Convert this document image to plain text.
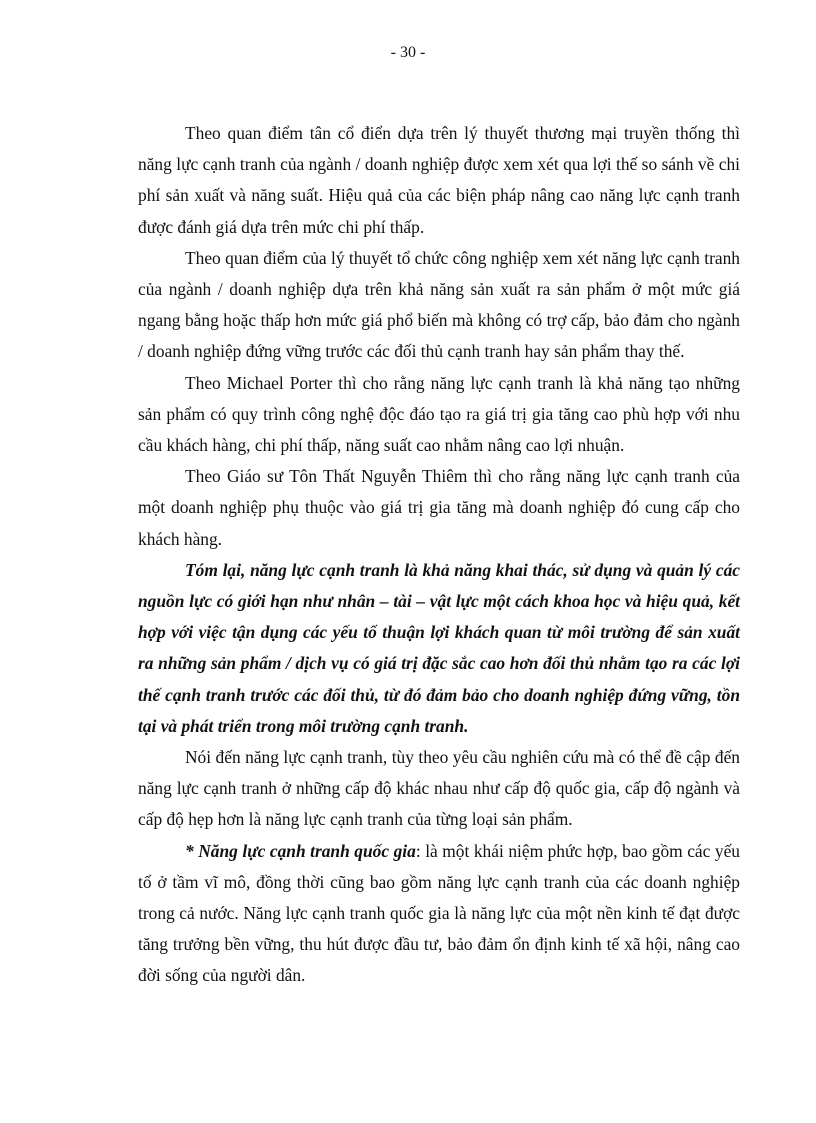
- 30 -

Theo quan điểm tân cổ điển dựa trên lý thuyết thương mại truyền thống thì năng lực cạnh tranh của ngành / doanh nghiệp được xem xét qua lợi thế so sánh về chi phí sản xuất và năng suất. Hiệu quả của các biện pháp nâng cao năng lực cạnh tranh được đánh giá dựa trên mức chi phí thấp.

Theo quan điểm của lý thuyết tổ chức công nghiệp xem xét năng lực cạnh tranh của ngành / doanh nghiệp dựa trên khả năng sản xuất ra sản phẩm ở một mức giá ngang bằng hoặc thấp hơn mức giá phổ biến mà không có trợ cấp, bảo đảm cho ngành / doanh nghiệp đứng vững trước các đối thủ cạnh tranh hay sản phẩm thay thế.

Theo Michael Porter thì cho rằng năng lực cạnh tranh là khả năng tạo những sản phẩm có quy trình công nghệ độc đáo tạo ra giá trị gia tăng cao phù hợp với nhu cầu khách hàng, chi phí thấp, năng suất cao nhằm nâng cao lợi nhuận.

Theo Giáo sư Tôn Thất Nguyễn Thiêm thì cho rằng năng lực cạnh tranh của một doanh nghiệp phụ thuộc vào giá trị gia tăng mà doanh nghiệp đó cung cấp cho khách hàng.

Tóm lại, năng lực cạnh tranh là khả năng khai thác, sử dụng và quản lý các nguồn lực có giới hạn như nhân – tài – vật lực một cách khoa học và hiệu quả, kết hợp với việc tận dụng các yếu tố thuận lợi khách quan từ môi trường để sản xuất ra những sản phẩm / dịch vụ có giá trị đặc sắc cao hơn đối thủ nhằm tạo ra các lợi thế cạnh tranh trước các đối thủ, từ đó đảm bảo cho doanh nghiệp đứng vững, tồn tại và phát triển trong môi trường cạnh tranh.

Nói đến năng lực cạnh tranh, tùy theo yêu cầu nghiên cứu mà có thể đề cập đến năng lực cạnh tranh ở những cấp độ khác nhau như cấp độ quốc gia, cấp độ ngành và cấp độ hẹp hơn là năng lực cạnh tranh của từng loại sản phẩm.

* Năng lực cạnh tranh quốc gia: là một khái niệm phức hợp, bao gồm các yếu tố ở tầm vĩ mô, đồng thời cũng bao gồm năng lực cạnh tranh của các doanh nghiệp trong cả nước. Năng lực cạnh tranh quốc gia là năng lực của một nền kinh tế đạt được tăng trưởng bền vững, thu hút được đầu tư, bảo đảm ổn định kinh tế xã hội, nâng cao đời sống của người dân.
